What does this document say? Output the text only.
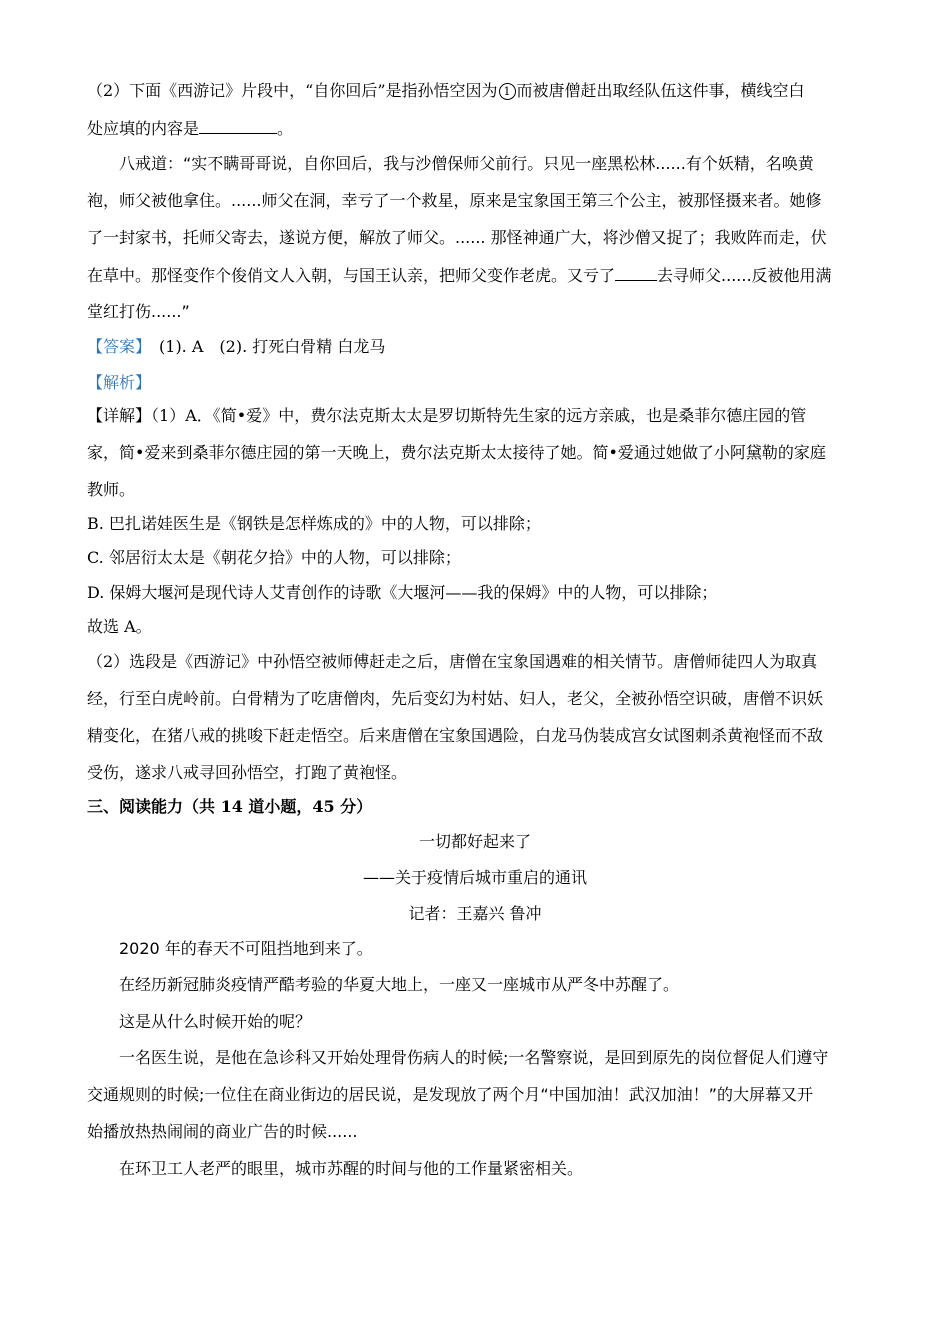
（2）下面《西游记》片段中，“自你回后”是指孙悟空因为 1 而被唐僧赶出取经队伍这件事，横线空白
处应填的内容是	。
八戒道：“实不瞒哥哥说，自你回后，我与沙僧保师父前行。只见一座黑松林......有个妖精，名唤黄
袍，师父被他拿住。......师父在洞，幸亏了一个救星，原来是宝象国王第三个公主，被那怪摄来者。她修
了一封家书，托师父寄去，遂说方便，解放了师父。...... 那怪神通广大，将沙僧又捉了；我败阵而走，伏
在草中。那怪变作个俊俏文人入朝，与国王认亲，把师父变作老虎。又亏了	去寻师父......反被他用满
堂红打伤......”
【答案】　(1). A　(2). 打死白骨精 白龙马
【解析】
【详解】（1）A．《简•爱》中，费尔法克斯太太是罗切斯特先生家的远方亲戚，也是桑菲尔德庄园的管
家，简•爱来到桑菲尔德庄园的第一天晚上，费尔法克斯太太接待了她。简•爱通过她做了小阿黛勒的家庭
教师。
B. 巴扎诺娃医生是《钢铁是怎样炼成的》中的人物，可以排除；
C. 邻居衍太太是《朝花夕拾》中的人物，可以排除；
D. 保姆大堰河是现代诗人艾青创作的诗歌《大堰河——我的保姆》中的人物，可以排除；
故选 A。
（2）选段是《西游记》中孙悟空被师傅赶走之后，唐僧在宝象国遇难的相关情节。唐僧师徒四人为取真
经，行至白虎岭前。白骨精为了吃唐僧肉，先后变幻为村姑、妇人，老父，全被孙悟空识破，唐僧不识妖
精变化，在猪八戒的挑唆下赶走悟空。后来唐僧在宝象国遇险，白龙马伪装成宫女试图刺杀黄袍怪而不敌
受伤，遂求八戒寻回孙悟空，打跑了黄袍怪。
三、阅读能力（共 14 道小题，45 分）
一切都好起来了
——关于疫情后城市重启的通讯
记者：王嘉兴 鲁冲
2020 年的春天不可阻挡地到来了。
在经历新冠肺炎疫情严酷考验的华夏大地上，一座又一座城市从严冬中苏醒了。
这是从什么时候开始的呢？
一名医生说，是他在急诊科又开始处理骨伤病人的时候;一名警察说，是回到原先的岗位督促人们遵守
交通规则的时候;一位住在商业街边的居民说，是发现放了两个月“中国加油！武汉加油！”的大屏幕又开
始播放热热闹闹的商业广告的时候......
在环卫工人老严的眼里，城市苏醒的时间与他的工作量紧密相关。
